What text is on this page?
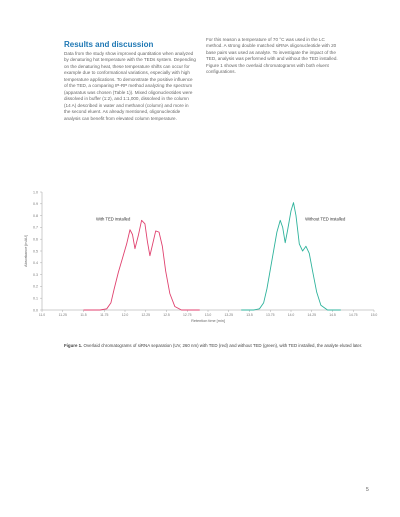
Results and discussion

Data from the study show improved quantitation when analyzed by denaturing hot temperature with the TEDs system. Depending on the denaturing heat, these temperature shifts can occur for example due to conformational variations, especially with high temperature applications. To demonstrate the positive influence of the TED, a comparing IP-RP method analyzing the spectrum (apparatus was chosen (Table 1)). Mixed oligonucleotides were dissolved in buffer (1:2), and 1:1,000, dissolved in the column (14 A) described in water and methanol (column) and more in the second eluent. As already mentioned, oligonucleotide analysis can benefit from elevated column temperature.

For this reason a temperature of 70 °C was used in the LC method. A strong double matched siRNA oligonucleotide with 20 base pairs was used as analyte. To investigate the impact of the TED, analysis was performed with and without the TED installed. Figure 1 shows the overlaid chromatograms with both eluent configurations.

0.0
0.1
0.2
0.3
0.4
0.5
0.6
0.7
0.8
0.9
1.0
11.0	11.25	11.5	11.75	12.0	12.25	12.5	12.75	13.0	13.25	13.5	13.75	14.0	14.25	14.5	14.75	15.0
Retention time [min]
Absorbance [mAU]
With TED installed	Without TED installed
Figure 1. Overlaid chromatograms of siRNA separation (UV, 260 nm) with TED (red) and without TED (green), with TED installed, the analyte eluted later.
5
